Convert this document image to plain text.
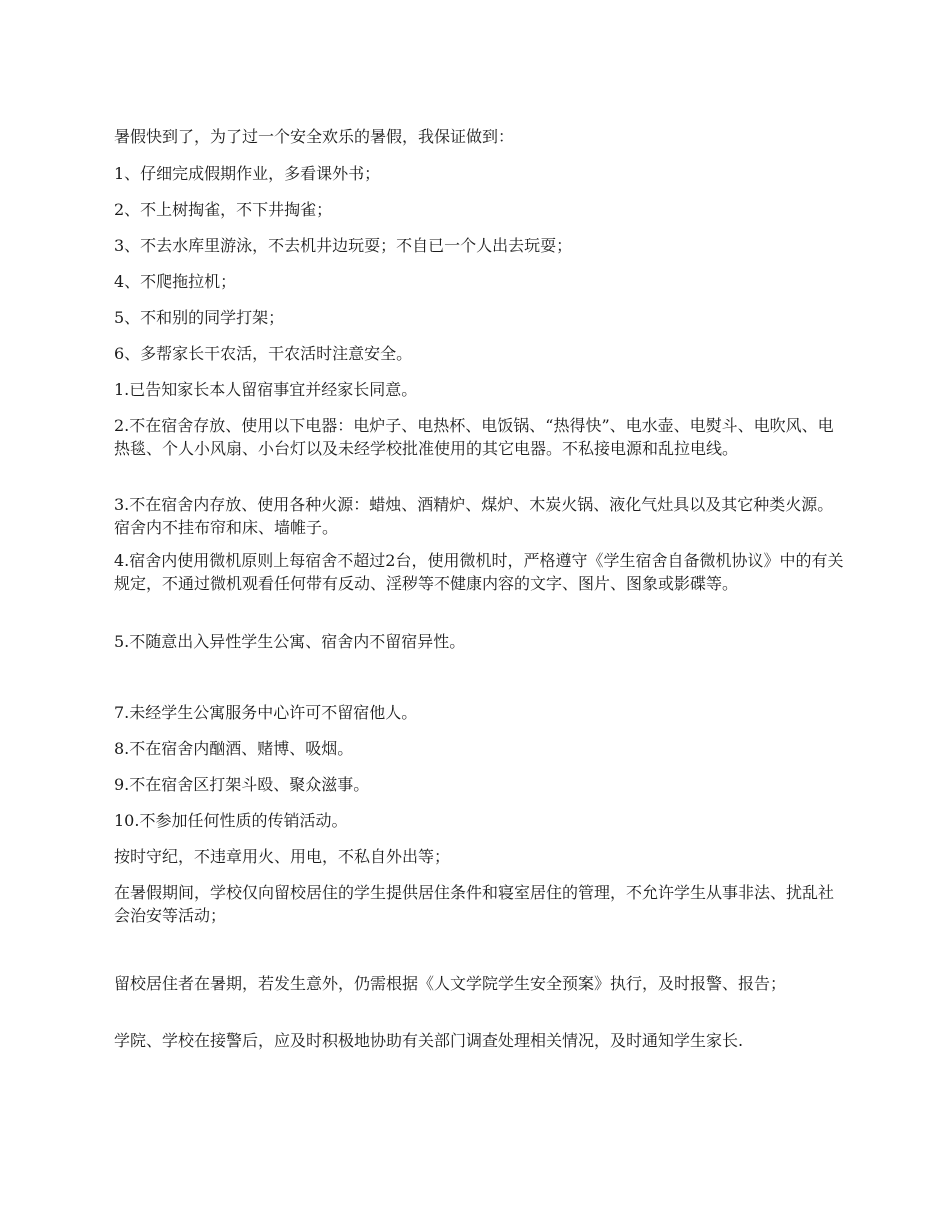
暑假快到了，为了过一个安全欢乐的暑假，我保证做到：

1、仔细完成假期作业，多看课外书；

2、不上树掏雀，不下井掏雀；

3、不去水库里游泳，不去机井边玩耍；不自已一个人出去玩耍；

4、不爬拖拉机；

5、不和别的同学打架；

6、多帮家长干农活，干农活时注意安全。

1.已告知家长本人留宿事宜并经家长同意。

2.不在宿舍存放、使用以下电器：电炉子、电热杯、电饭锅、“热得快”、电水壶、电熨斗、电吹风、电热毯、个人小风扇、小台灯以及未经学校批准使用的其它电器。不私接电源和乱拉电线。

3.不在宿舍内存放、使用各种火源：蜡烛、酒精炉、煤炉、木炭火锅、液化气灶具以及其它种类火源。宿舍内不挂布帘和床、墙帷子。

4.宿舍内使用微机原则上每宿舍不超过2台，使用微机时，严格遵守《学生宿舍自备微机协议》中的有关规定，不通过微机观看任何带有反动、淫秽等不健康内容的文字、图片、图象或影碟等。

5.不随意出入异性学生公寓、宿舍内不留宿异性。

7.未经学生公寓服务中心许可不留宿他人。

8.不在宿舍内酗酒、赌博、吸烟。

9.不在宿舍区打架斗殴、聚众滋事。

10.不参加任何性质的传销活动。

按时守纪，不违章用火、用电，不私自外出等；

在暑假期间，学校仅向留校居住的学生提供居住条件和寝室居住的管理，不允许学生从事非法、扰乱社会治安等活动；

留校居住者在暑期，若发生意外，仍需根据《人文学院学生安全预案》执行，及时报警、报告；

学院、学校在接警后，应及时积极地协助有关部门调查处理相关情况，及时通知学生家长.
